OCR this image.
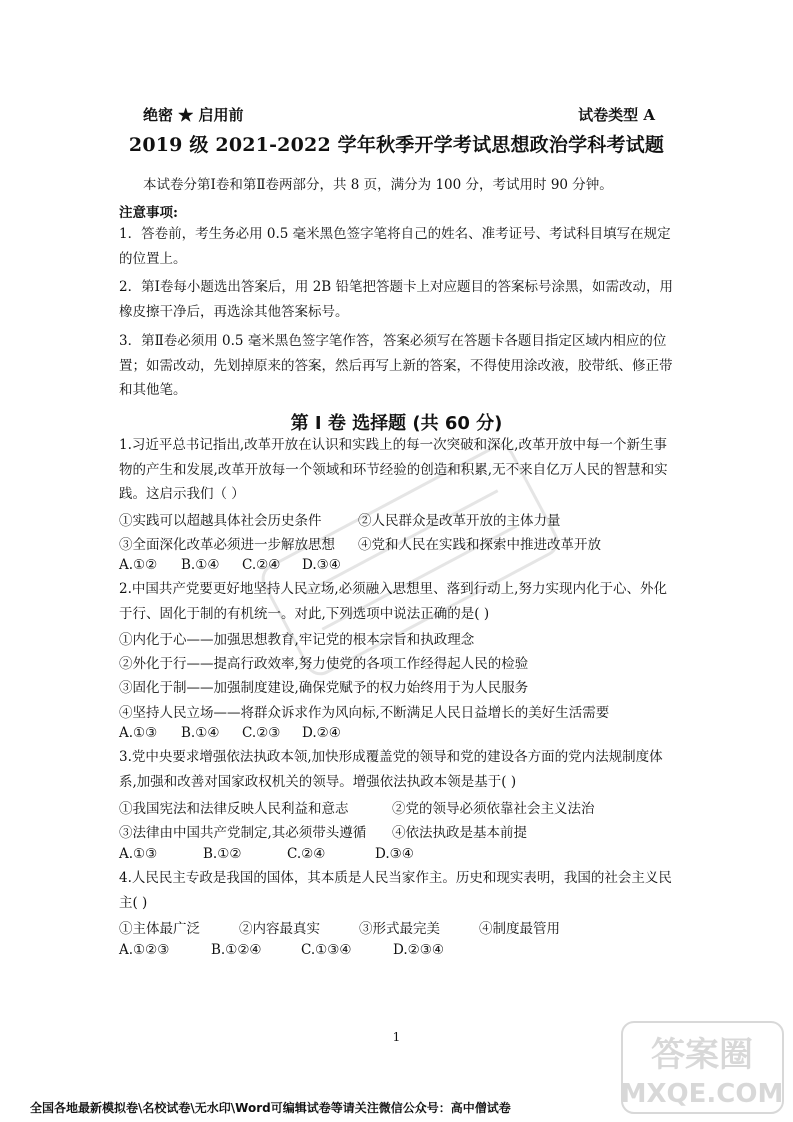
绝密 ★ 启用前	试卷类型 A
2019 级 2021-2022 学年秋季开学考试思想政治学科考试题
本试卷分第Ⅰ卷和第Ⅱ卷两部分，共 8 页，满分为 100 分，考试用时 90 分钟。
注意事项:
1．答卷前，考生务必用 0.5 毫米黑色签字笔将自己的姓名、准考证号、考试科目填写在规定的位置上。
2．第Ⅰ卷每小题选出答案后，用 2B 铅笔把答题卡上对应题目的答案标号涂黑，如需改动，用橡皮擦干净后，再选涂其他答案标号。
3．第Ⅱ卷必须用 0.5 毫米黑色签字笔作答，答案必须写在答题卡各题目指定区域内相应的位置；如需改动，先划掉原来的答案，然后再写上新的答案，不得使用涂改液，胶带纸、修正带和其他笔。
第 I 卷 选择题 (共 60 分)
1.习近平总书记指出,改革开放在认识和实践上的每一次突破和深化,改革开放中每一个新生事物的产生和发展,改革开放每一个领域和环节经验的创造和积累,无不来自亿万人民的智慧和实践。这启示我们（ ）
①实践可以超越具体社会历史条件	②人民群众是改革开放的主体力量
③全面深化改革必须进一步解放思想 ④党和人民在实践和探索中推进改革开放
A.①②	B.①④	C.②④	D.③④
2.中国共产党要更好地坚持人民立场,必须融入思想里、落到行动上,努力实现内化于心、外化于行、固化于制的有机统一。对此,下列选项中说法正确的是( )
①内化于心——加强思想教育,牢记党的根本宗旨和执政理念
②外化于行——提高行政效率,努力使党的各项工作经得起人民的检验
③固化于制——加强制度建设,确保党赋予的权力始终用于为人民服务
④坚持人民立场——将群众诉求作为风向标,不断满足人民日益增长的美好生活需要
A.①③	B.①④	C.②③	D.②④
3.党中央要求增强依法执政本领,加快形成覆盖党的领导和党的建设各方面的党内法规制度体系,加强和改善对国家政权机关的领导。增强依法执政本领是基于( )
①我国宪法和法律反映人民利益和意志	②党的领导必须依靠社会主义法治
③法律由中国共产党制定,其必须带头遵循 ④依法执政是基本前提
A.①③	B.①②	C.②④	D.③④
4.人民民主专政是我国的国体，其本质是人民当家作主。历史和现实表明，我国的社会主义民主( )
①主体最广泛	②内容最真实	③形式最完美	④制度最管用
A.①②③	B.①②④	C.①③④	D.②③④
1	答案圈
MXQE.COM
全国各地最新模拟卷\名校试卷\无水印\Word可编辑试卷等请关注微信公众号：高中僧试卷
